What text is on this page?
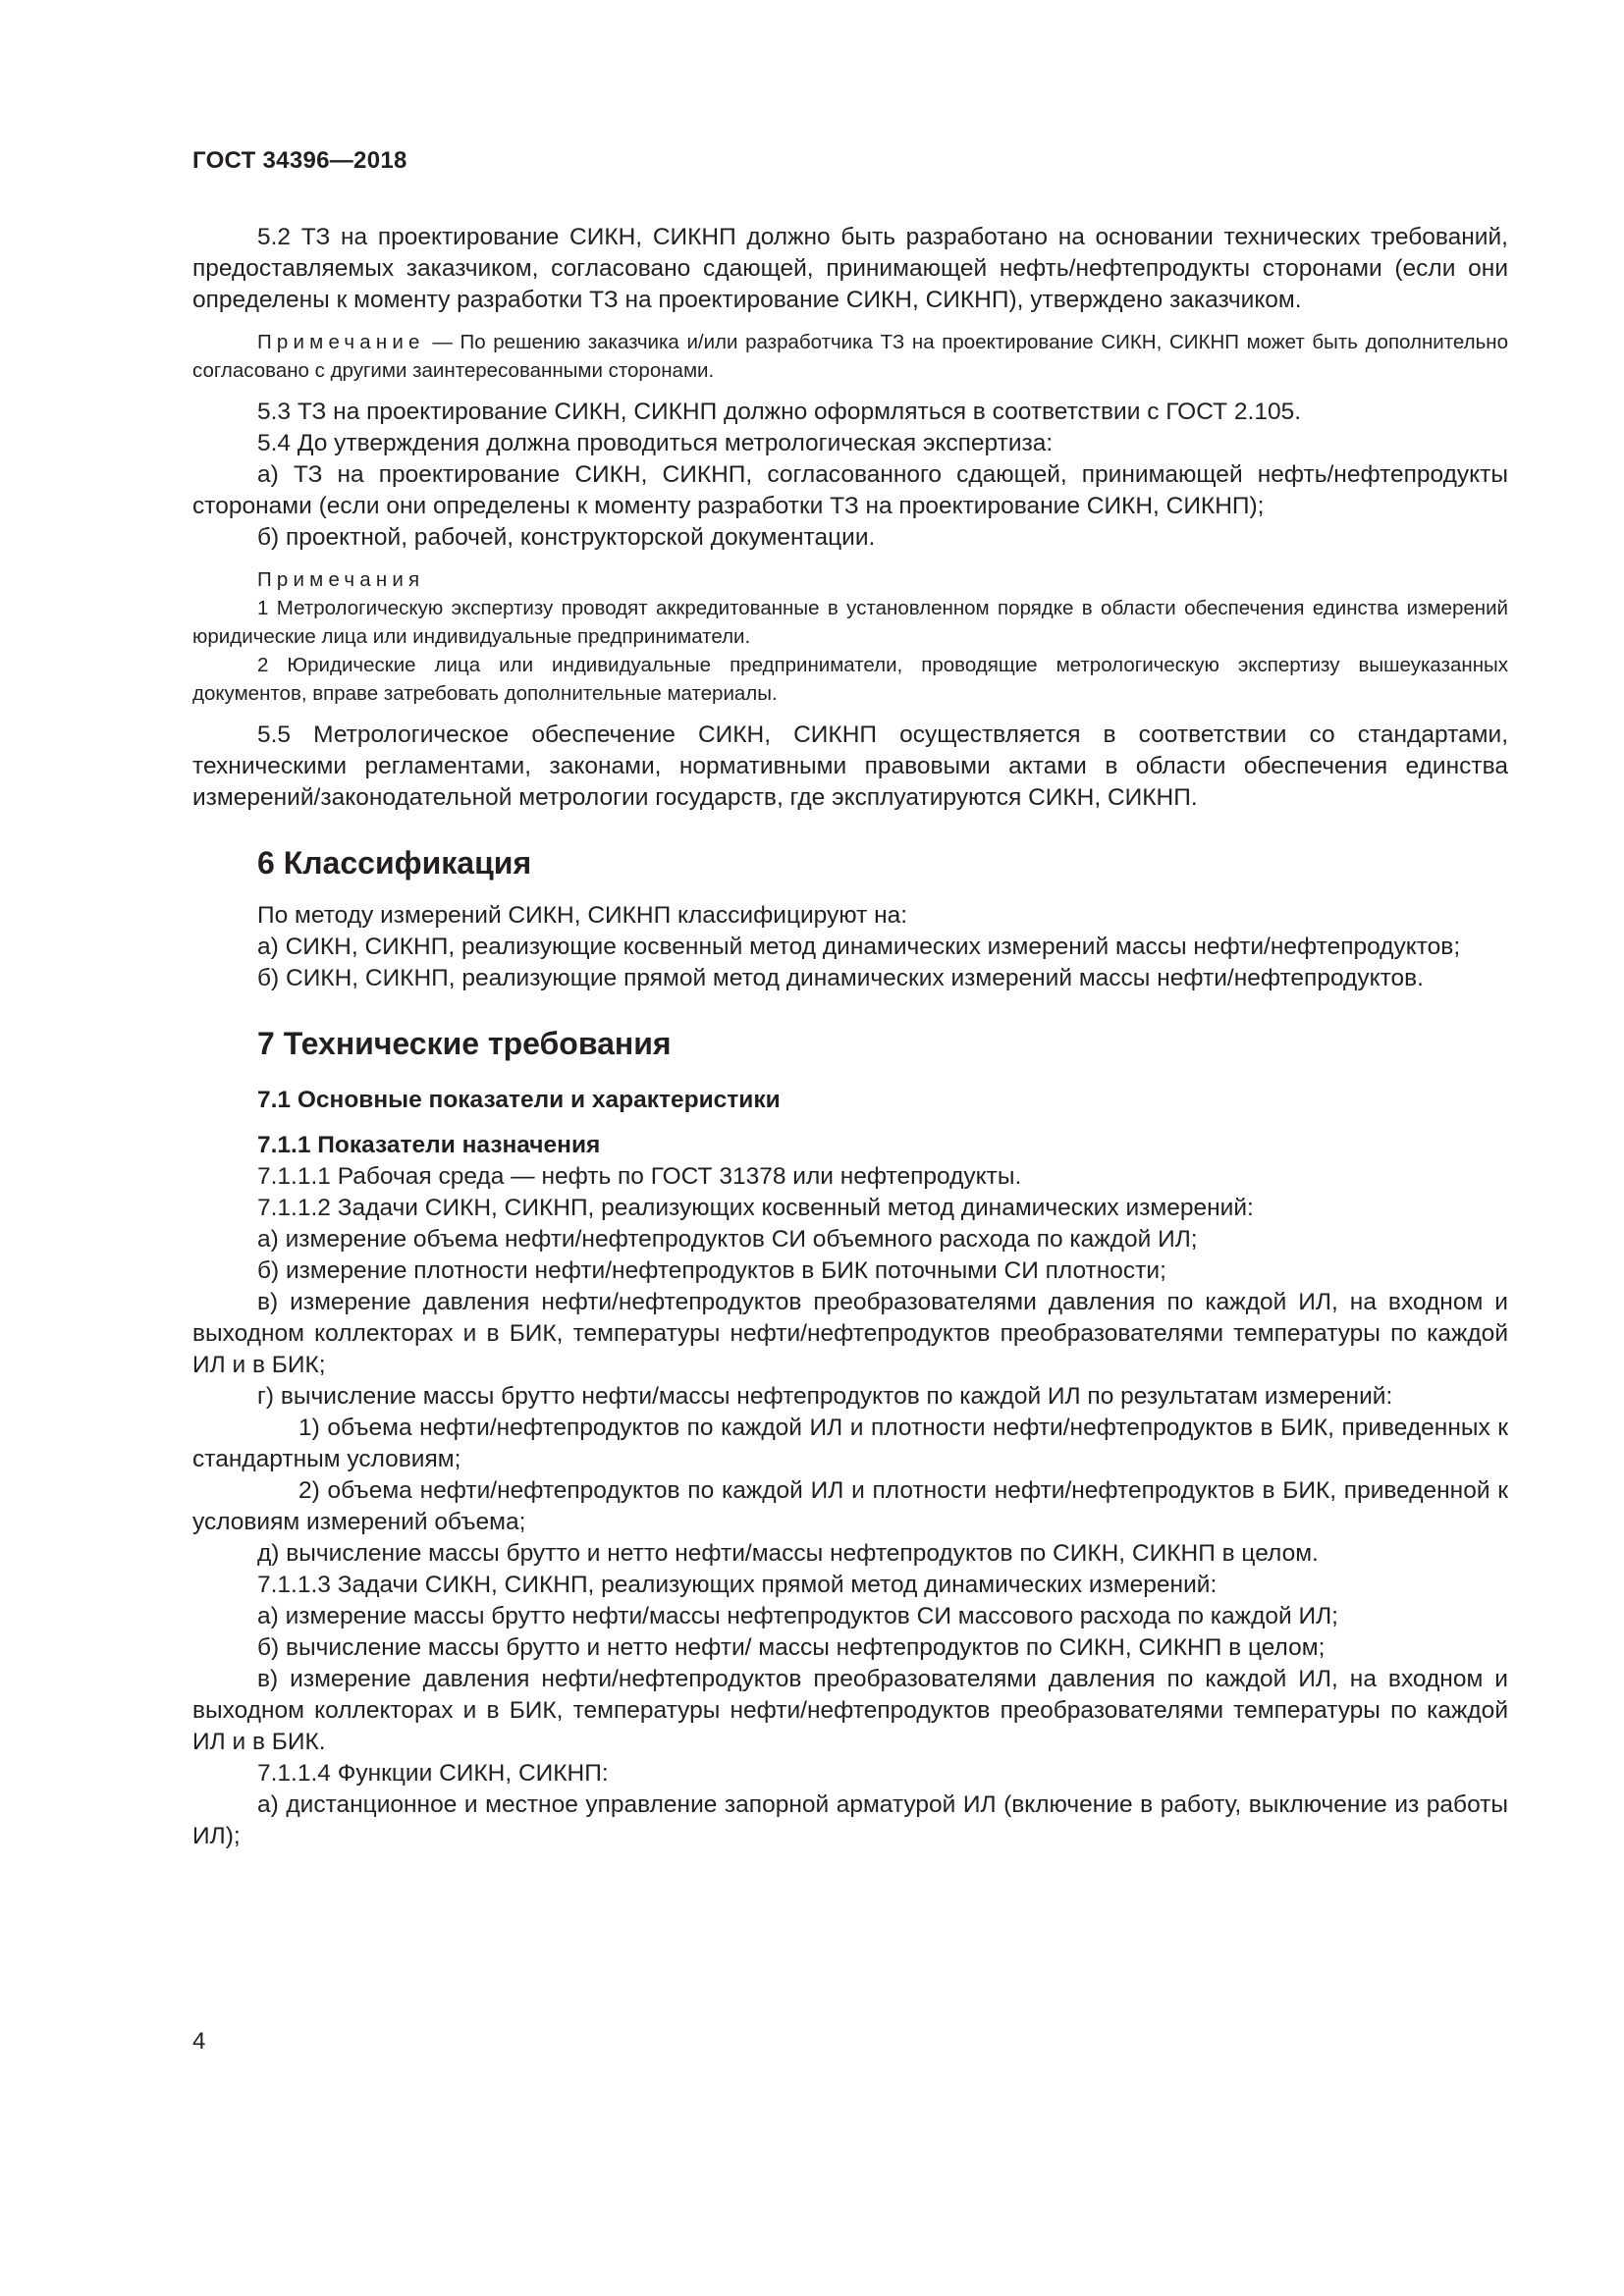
ГОСТ 34396—2018

5.2 ТЗ на проектирование СИКН, СИКНП должно быть разработано на основании технических требований, предоставляемых заказчиком, согласовано сдающей, принимающей нефть/нефтепродукты сторонами (если они определены к моменту разработки ТЗ на проектирование СИКН, СИКНП), утверждено заказчиком.

Примечание — По решению заказчика и/или разработчика ТЗ на проектирование СИКН, СИКНП может быть дополнительно согласовано с другими заинтересованными сторонами.

5.3 ТЗ на проектирование СИКН, СИКНП должно оформляться в соответствии с ГОСТ 2.105.

5.4 До утверждения должна проводиться метрологическая экспертиза:

а) ТЗ на проектирование СИКН, СИКНП, согласованного сдающей, принимающей нефть/нефтепродукты сторонами (если они определены к моменту разработки ТЗ на проектирование СИКН, СИКНП);

б) проектной, рабочей, конструкторской документации.

Примечания

1 Метрологическую экспертизу проводят аккредитованные в установленном порядке в области обеспечения единства измерений юридические лица или индивидуальные предприниматели.

2 Юридические лица или индивидуальные предприниматели, проводящие метрологическую экспертизу вышеуказанных документов, вправе затребовать дополнительные материалы.

5.5 Метрологическое обеспечение СИКН, СИКНП осуществляется в соответствии со стандартами, техническими регламентами, законами, нормативными правовыми актами в области обеспечения единства измерений/законодательной метрологии государств, где эксплуатируются СИКН, СИКНП.

6 Классификация

По методу измерений СИКН, СИКНП классифицируют на:

а) СИКН, СИКНП, реализующие косвенный метод динамических измерений массы нефти/нефтепродуктов;

б) СИКН, СИКНП, реализующие прямой метод динамических измерений массы нефти/нефтепродуктов.

7 Технические требования
7.1 Основные показатели и характеристики
7.1.1 Показатели назначения

7.1.1.1 Рабочая среда — нефть по ГОСТ 31378 или нефтепродукты.

7.1.1.2 Задачи СИКН, СИКНП, реализующих косвенный метод динамических измерений:

а) измерение объема нефти/нефтепродуктов СИ объемного расхода по каждой ИЛ;

б) измерение плотности нефти/нефтепродуктов в БИК поточными СИ плотности;

в) измерение давления нефти/нефтепродуктов преобразователями давления по каждой ИЛ, на входном и выходном коллекторах и в БИК, температуры нефти/нефтепродуктов преобразователями температуры по каждой ИЛ и в БИК;

г) вычисление массы брутто нефти/массы нефтепродуктов по каждой ИЛ по результатам измерений:

1) объема нефти/нефтепродуктов по каждой ИЛ и плотности нефти/нефтепродуктов в БИК, приведенных к стандартным условиям;

2) объема нефти/нефтепродуктов по каждой ИЛ и плотности нефти/нефтепродуктов в БИК, приведенной к условиям измерений объема;

д) вычисление массы брутто и нетто нефти/массы нефтепродуктов по СИКН, СИКНП в целом.

7.1.1.3 Задачи СИКН, СИКНП, реализующих прямой метод динамических измерений:

а) измерение массы брутто нефти/массы нефтепродуктов СИ массового расхода по каждой ИЛ;

б) вычисление массы брутто и нетто нефти/ массы нефтепродуктов по СИКН, СИКНП в целом;

в) измерение давления нефти/нефтепродуктов преобразователями давления по каждой ИЛ, на входном и выходном коллекторах и в БИК, температуры нефти/нефтепродуктов преобразователями температуры по каждой ИЛ и в БИК.

7.1.1.4 Функции СИКН, СИКНП:

а) дистанционное и местное управление запорной арматурой ИЛ (включение в работу, выключение из работы ИЛ);

4
